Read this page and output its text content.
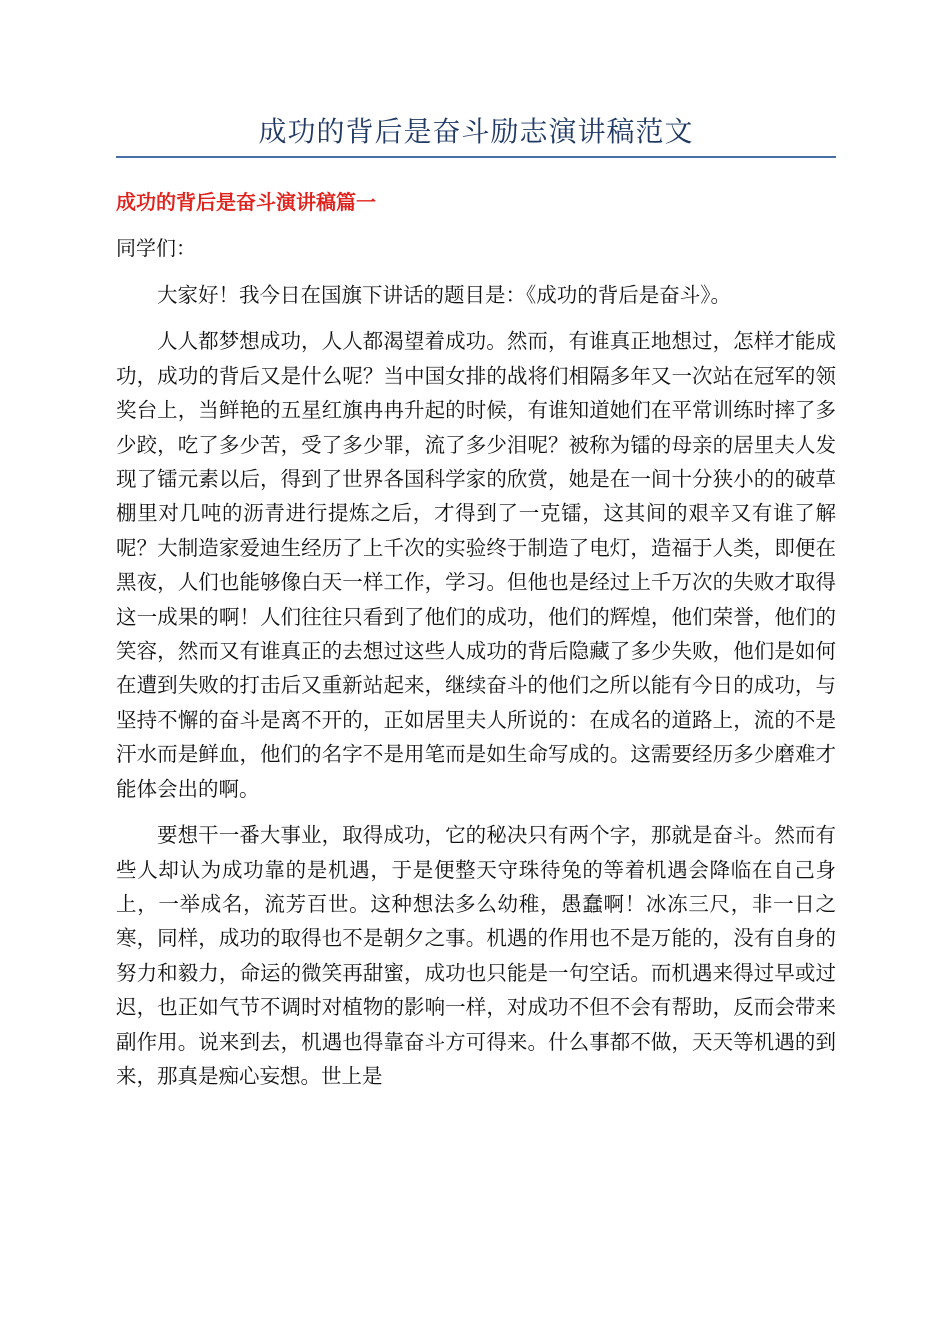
成功的背后是奋斗励志演讲稿范文
成功的背后是奋斗演讲稿篇一
同学们：

大家好！我今日在国旗下讲话的题目是：《成功的背后是奋斗》。

人人都梦想成功，人人都渴望着成功。然而，有谁真正地想过，怎样才能成功，成功的背后又是什么呢？当中国女排的战将们相隔多年又一次站在冠军的领奖台上，当鲜艳的五星红旗冉冉升起的时候，有谁知道她们在平常训练时摔了多少跤，吃了多少苦，受了多少罪，流了多少泪呢？被称为镭的母亲的居里夫人发现了镭元素以后，得到了世界各国科学家的欣赏，她是在一间十分狭小的的破草棚里对几吨的沥青进行提炼之后，才得到了一克镭，这其间的艰辛又有谁了解呢？大制造家爱迪生经历了上千次的实验终于制造了电灯，造福于人类，即便在黑夜，人们也能够像白天一样工作，学习。但他也是经过上千万次的失败才取得这一成果的啊！人们往往只看到了他们的成功，他们的辉煌，他们荣誉，他们的笑容，然而又有谁真正的去想过这些人成功的背后隐藏了多少失败，他们是如何在遭到失败的打击后又重新站起来，继续奋斗的他们之所以能有今日的成功，与坚持不懈的奋斗是离不开的，正如居里夫人所说的：在成名的道路上，流的不是汗水而是鲜血，他们的名字不是用笔而是如生命写成的。这需要经历多少磨难才能体会出的啊。

要想干一番大事业，取得成功，它的秘决只有两个字，那就是奋斗。然而有些人却认为成功靠的是机遇，于是便整天守珠待兔的等着机遇会降临在自己身上，一举成名，流芳百世。这种想法多么幼稚，愚蠢啊！冰冻三尺，非一日之寒，同样，成功的取得也不是朝夕之事。机遇的作用也不是万能的，没有自身的努力和毅力，命运的微笑再甜蜜，成功也只能是一句空话。而机遇来得过早或过迟，也正如气节不调时对植物的影响一样，对成功不但不会有帮助，反而会带来副作用。说来到去，机遇也得靠奋斗方可得来。什么事都不做，天天等机遇的到来，那真是痴心妄想。世上是
